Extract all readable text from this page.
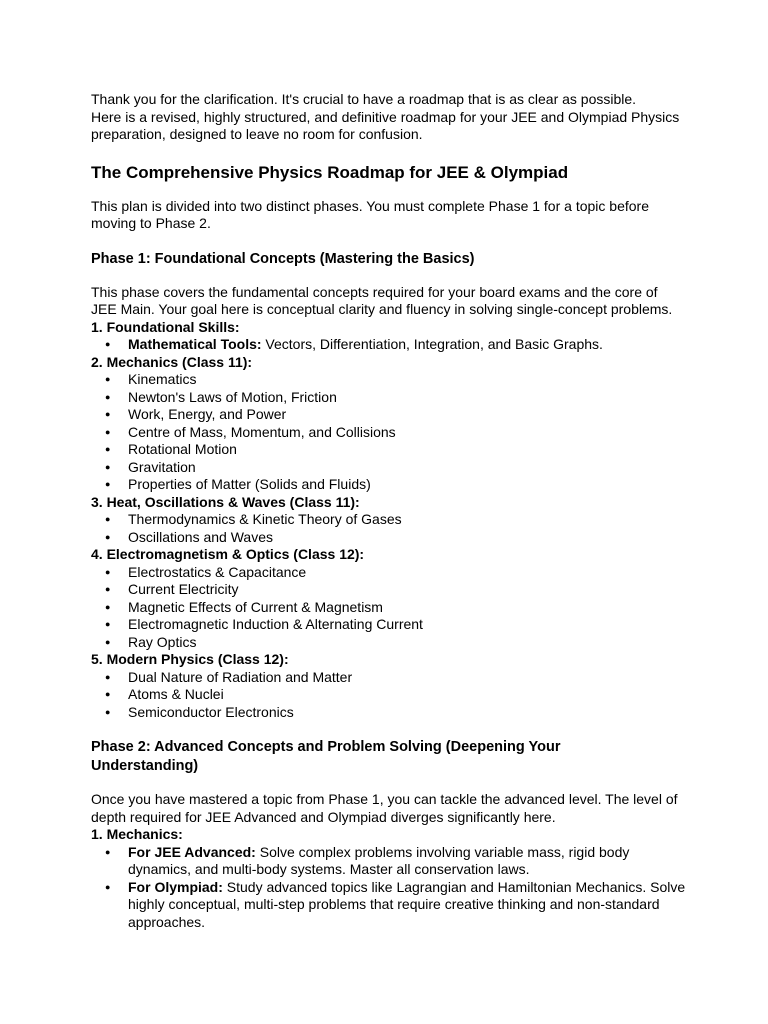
Thank you for the clarification. It's crucial to have a roadmap that is as clear as possible.
Here is a revised, highly structured, and definitive roadmap for your JEE and Olympiad Physics
preparation, designed to leave no room for confusion.

The Comprehensive Physics Roadmap for JEE & Olympiad

This plan is divided into two distinct phases. You must complete Phase 1 for a topic before
moving to Phase 2.

Phase 1: Foundational Concepts (Mastering the Basics)

This phase covers the fundamental concepts required for your board exams and the core of
JEE Main. Your goal here is conceptual clarity and fluency in solving single-concept problems.

1. Foundational Skills:

● Mathematical Tools: Vectors, Differentiation, Integration, and Basic Graphs.

2. Mechanics (Class 11):

● Kinematics
● Newton's Laws of Motion, Friction
● Work, Energy, and Power
● Centre of Mass, Momentum, and Collisions
● Rotational Motion
● Gravitation
● Properties of Matter (Solids and Fluids)

3. Heat, Oscillations & Waves (Class 11):

● Thermodynamics & Kinetic Theory of Gases
● Oscillations and Waves

4. Electromagnetism & Optics (Class 12):

● Electrostatics & Capacitance
● Current Electricity
● Magnetic Effects of Current & Magnetism
● Electromagnetic Induction & Alternating Current
● Ray Optics

5. Modern Physics (Class 12):

● Dual Nature of Radiation and Matter
● Atoms & Nuclei
● Semiconductor Electronics
Phase 2: Advanced Concepts and Problem Solving (Deepening Your
Understanding)

Once you have mastered a topic from Phase 1, you can tackle the advanced level. The level of
depth required for JEE Advanced and Olympiad diverges significantly here.

1. Mechanics:

● For JEE Advanced: Solve complex problems involving variable mass, rigid body
dynamics, and multi-body systems. Master all conservation laws.
● For Olympiad: Study advanced topics like Lagrangian and Hamiltonian Mechanics. Solve
highly conceptual, multi-step problems that require creative thinking and non-standard
approaches.
